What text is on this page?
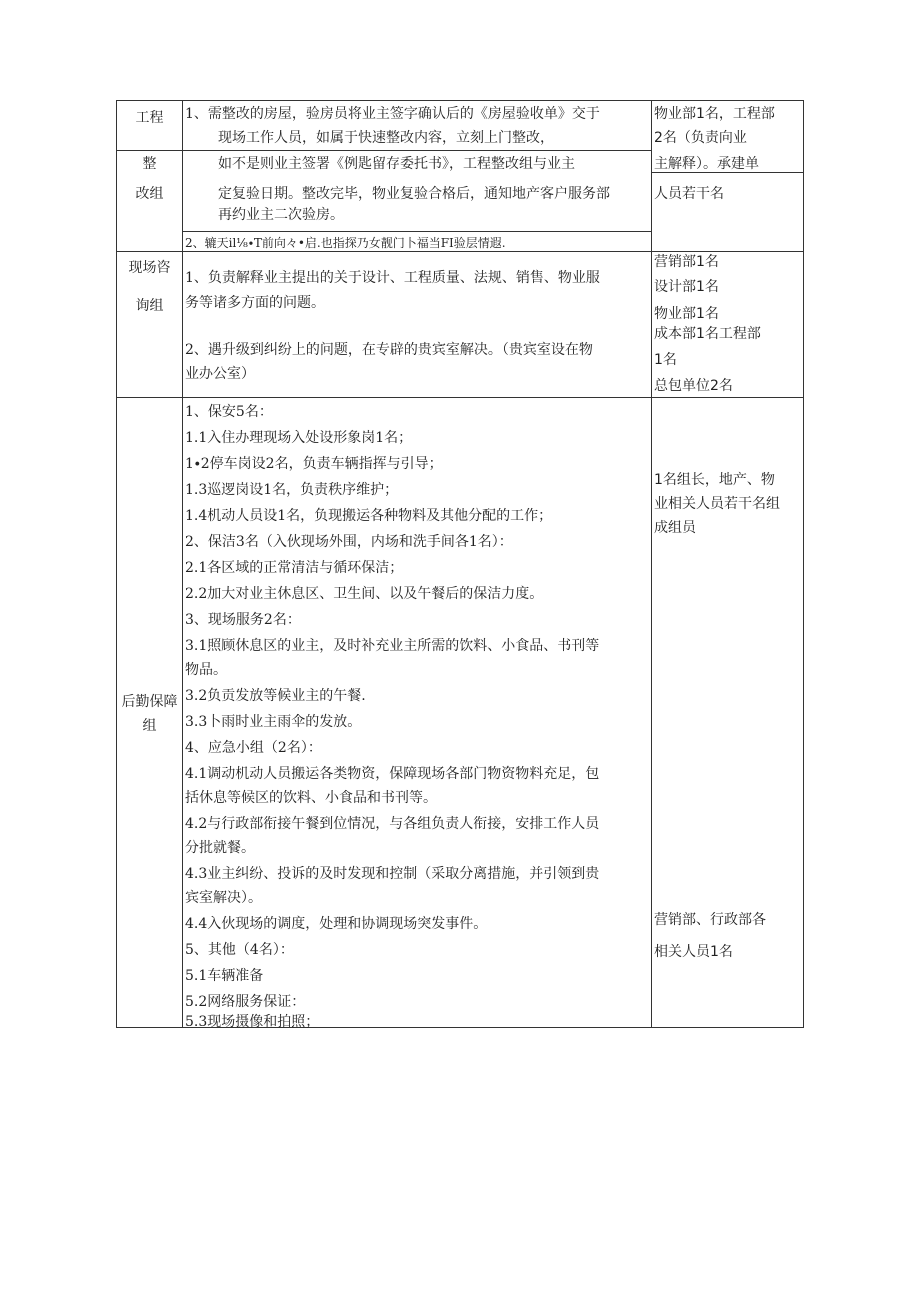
工程
整
改组
1、需整改的房屋，验房员将业主签字确认后的《房屋验收单》交于
现场工作人员，如属于快速整改内容，立刻上门整改，
如不是则业主签署《例匙留存委托书》，工程整改组与业主
定复验日期。整改完毕，物业复验合格后，通知地产客户服务部
再约业主二次验房。
2、辘天il⅛∙T前向々•启.也指探乃女靓门卜福当FI验层情遐.
物业部1名，工程部
2名（负责向业
主解释）。承建单
人员若干名
现场咨
询组
1、负责解释业主提出的关于设计、工程质量、法规、销售、物业服
务等诸多方面的问题。
2、遇升级到纠纷上的问题，在专辟的贵宾室解决。（贵宾室设在物
业办公室）
营销部1名
设计部1名
物业部1名
成本部1名工程部
1名
总包单位2名
后勤保障
组
1、保安5名：
1.1入住办理现场入处设形象岗1名；
1∙2停车岗设2名，负责车辆指挥与引导；
1.3巡逻岗设1名，负责秩序维护；
1.4机动人员设1名，负现搬运各种物料及其他分配的工作；
2、保洁3名（入伙现场外围，内场和洗手间各1名）：
2.1各区域的正常清洁与循环保洁；
2.2加大对业主休息区、卫生间、以及午餐后的保洁力度。
3、现场服务2名：
3.1照顾休息区的业主，及时补充业主所需的饮料、小食品、书刊等
物品。
3.2负贡发放等候业主的午餐.
3.3卜雨时业主雨伞的发放。
4、应急小组（2名）：
4.1调动机动人员搬运各类物资，保障现场各部门物资物料充足，包
括休息等候区的饮料、小食品和书刊等。
4.2与行政部衔接午餐到位情况，与各组负责人衔接，安排工作人员
分批就餐。
4.3业主纠纷、投诉的及时发现和控制（采取分离措施，并引领到贵
宾室解决）。
4.4入伙现场的调度，处理和协调现场突发事件。
5、其他（4名）：
5.1车辆准备
5.2网络服务保证：
5.3现场摄像和拍照；
1名组长，地产、物
业相关人员若干名组
成组员
营销部、行政部各
相关人员1名
